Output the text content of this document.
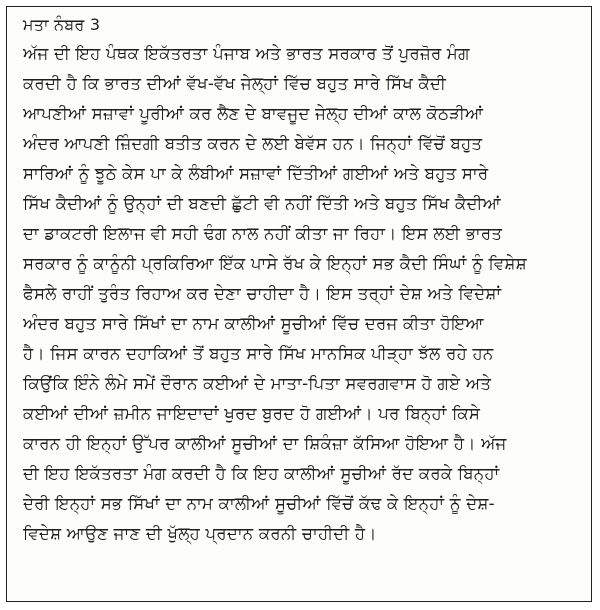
ਮਤਾ ਨੰਬਰ 3
ਅੱਜ ਦੀ ਇਹ ਪੰਥਕ ਇਕੱਤਰਤਾ ਪੰਜਾਬ ਅਤੇ ਭਾਰਤ ਸਰਕਾਰ ਤੋਂ ਪੁਰਜ਼ੋਰ ਮੰਗ
ਕਰਦੀ ਹੈ ਕਿ ਭਾਰਤ ਦੀਆਂ ਵੱਖ-ਵੱਖ ਜੇਲ੍ਹਾਂ ਵਿੱਚ ਬਹੁਤ ਸਾਰੇ ਸਿੱਖ ਕੈਦੀ
ਆਪਣੀਆਂ ਸਜ਼ਾਵਾਂ ਪੂਰੀਆਂ ਕਰ ਲੈਣ ਦੇ ਬਾਵਜੂਦ ਜੇਲ੍ਹ ਦੀਆਂ ਕਾਲ ਕੋਠੜੀਆਂ
ਅੰਦਰ ਆਪਣੀ ਜ਼ਿੰਦਗੀ ਬਤੀਤ ਕਰਨ ਦੇ ਲਈ ਬੇਵੱਸ ਹਨ। ਜਿਨ੍ਹਾਂ ਵਿੱਚੋਂ ਬਹੁਤ
ਸਾਰਿਆਂ ਨੂੰ ਝੂਠੇ ਕੇਸ ਪਾ ਕੇ ਲੰਬੀਆਂ ਸਜ਼ਾਵਾਂ ਦਿੱਤੀਆਂ ਗਈਆਂ ਅਤੇ ਬਹੁਤ ਸਾਰੇ
ਸਿੱਖ ਕੈਦੀਆਂ ਨੂੰ ਉਨ੍ਹਾਂ ਦੀ ਬਣਦੀ ਛੁੱਟੀ ਵੀ ਨਹੀਂ ਦਿੱਤੀ ਅਤੇ ਬਹੁਤ ਸਿੱਖ ਕੈਦੀਆਂ
ਦਾ ਡਾਕਟਰੀ ਇਲਾਜ ਵੀ ਸਹੀ ਢੰਗ ਨਾਲ ਨਹੀਂ ਕੀਤਾ ਜਾ ਰਿਹਾ। ਇਸ ਲਈ ਭਾਰਤ
ਸਰਕਾਰ ਨੂੰ ਕਾਨੂੰਨੀ ਪ੍ਰਕਿਰਿਆ ਇੱਕ ਪਾਸੇ ਰੱਖ ਕੇ ਇਨ੍ਹਾਂ ਸਭ ਕੈਦੀ ਸਿੰਘਾਂ ਨੂੰ ਵਿਸ਼ੇਸ਼
ਫੈਸਲੇ ਰਾਹੀਂ ਤੁਰੰਤ ਰਿਹਾਅ ਕਰ ਦੇਣਾ ਚਾਹੀਦਾ ਹੈ। ਇਸ ਤਰ੍ਹਾਂ ਦੇਸ਼ ਅਤੇ ਵਿਦੇਸ਼ਾਂ
ਅੰਦਰ ਬਹੁਤ ਸਾਰੇ ਸਿੱਖਾਂ ਦਾ ਨਾਮ ਕਾਲੀਆਂ ਸੂਚੀਆਂ ਵਿੱਚ ਦਰਜ ਕੀਤਾ ਹੋਇਆ
ਹੈ। ਜਿਸ ਕਾਰਨ ਦਹਾਕਿਆਂ ਤੋਂ ਬਹੁਤ ਸਾਰੇ ਸਿੱਖ ਮਾਨਸਿਕ ਪੀੜ੍ਹਾ ਝੱਲ ਰਹੇ ਹਨ
ਕਿਉਂਕਿ ਇੰਨੇ ਲੰਮੇ ਸਮੇਂ ਦੌਰਾਨ ਕਈਆਂ ਦੇ ਮਾਤਾ-ਪਿਤਾ ਸਵਰਗਵਾਸ ਹੋ ਗਏ ਅਤੇ
ਕਈਆਂ ਦੀਆਂ ਜ਼ਮੀਨ ਜਾਇਦਾਦਾਂ ਖੁਰਦ ਬੁਰਦ ਹੋ ਗਈਆਂ। ਪਰ ਬਿਨ੍ਹਾਂ ਕਿਸੇ
ਕਾਰਨ ਹੀ ਇਨ੍ਹਾਂ ਉੱਪਰ ਕਾਲੀਆਂ ਸੂਚੀਆਂ ਦਾ ਸ਼ਿਕੰਜ਼ਾ ਕੱਸਿਆ ਹੋਇਆ ਹੈ। ਅੱਜ
ਦੀ ਇਹ ਇਕੱਤਰਤਾ ਮੰਗ ਕਰਦੀ ਹੈ ਕਿ ਇਹ ਕਾਲੀਆਂ ਸੂਚੀਆਂ ਰੱਦ ਕਰਕੇ ਬਿਨ੍ਹਾਂ
ਦੇਰੀ ਇਨ੍ਹਾਂ ਸਭ ਸਿੱਖਾਂ ਦਾ ਨਾਮ ਕਾਲੀਆਂ ਸੂਚੀਆਂ ਵਿੱਚੋਂ ਕੱਢ ਕੇ ਇਨ੍ਹਾਂ ਨੂੰ ਦੇਸ਼-
ਵਿਦੇਸ਼ ਆਉਣ ਜਾਣ ਦੀ ਖੁੱਲ੍ਹ ਪ੍ਰਦਾਨ ਕਰਨੀ ਚਾਹੀਦੀ ਹੈ।
